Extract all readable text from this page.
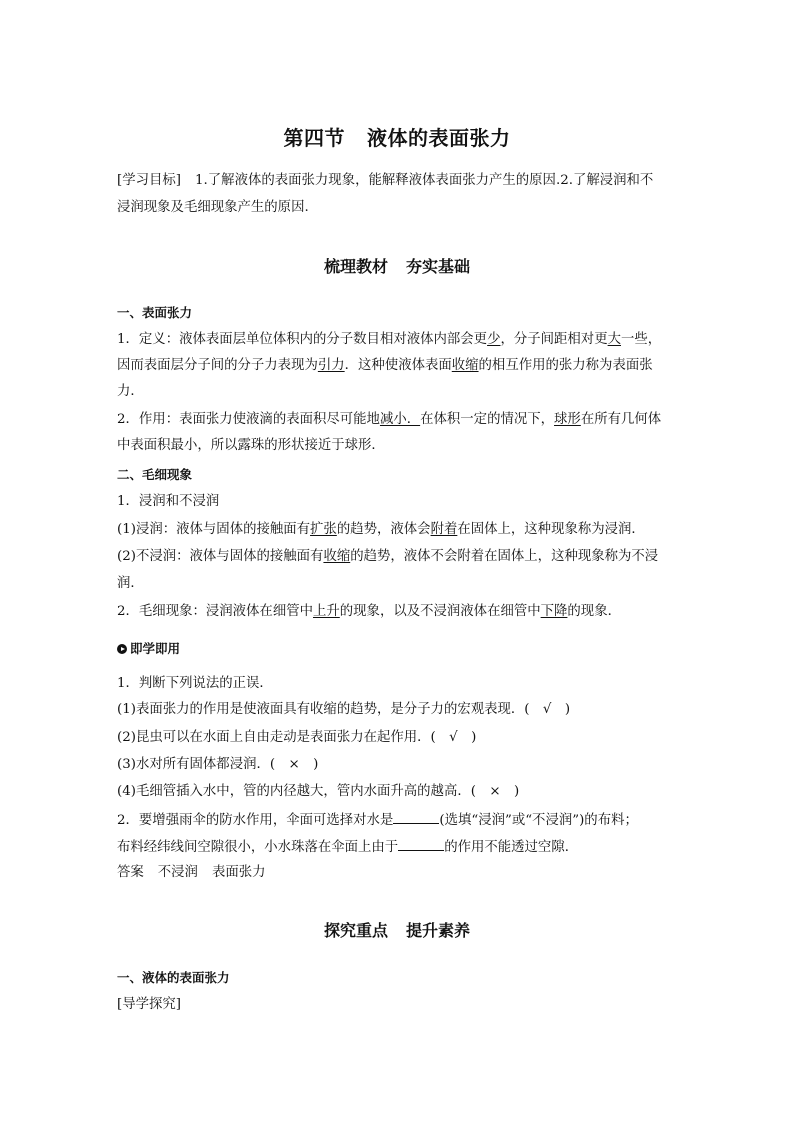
第四节 液体的表面张力
[学习目标] 1.了解液体的表面张力现象，能解释液体表面张力产生的原因.2.了解浸润和不
浸润现象及毛细现象产生的原因.
梳理教材 夯实基础
一、表面张力
1．定义：液体表面层单位体积内的分子数目相对液体内部会更少，分子间距相对更大一些，
因而表面层分子间的分子力表现为引力．这种使液体表面收缩的相互作用的张力称为表面张
力．
2．作用：表面张力使液滴的表面积尽可能地减小．在体积一定的情况下，球形在所有几何体
中表面积最小，所以露珠的形状接近于球形．
二、毛细现象
1．浸润和不浸润
(1)浸润：液体与固体的接触面有扩张的趋势，液体会附着在固体上，这种现象称为浸润．
(2)不浸润：液体与固体的接触面有收缩的趋势，液体不会附着在固体上，这种现象称为不浸
润．
2．毛细现象：浸润液体在细管中上升的现象，以及不浸润液体在细管中下降的现象．
即学即用
1．判断下列说法的正误．
(1)表面张力的作用是使液面具有收缩的趋势，是分子力的宏观表现．(　√　)
(2)昆虫可以在水面上自由走动是表面张力在起作用．(　√　)
(3)水对所有固体都浸润．(　×　)
(4)毛细管插入水中，管的内径越大，管内水面升高的越高．(　×　)
2．要增强雨伞的防水作用，伞面可选择对水是	(选填“浸润”或“不浸润”)的布料；
布料经纬线间空隙很小，小水珠落在伞面上由于	的作用不能透过空隙．
答案 不浸润 表面张力
探究重点 提升素养
一、液体的表面张力
[导学探究]
